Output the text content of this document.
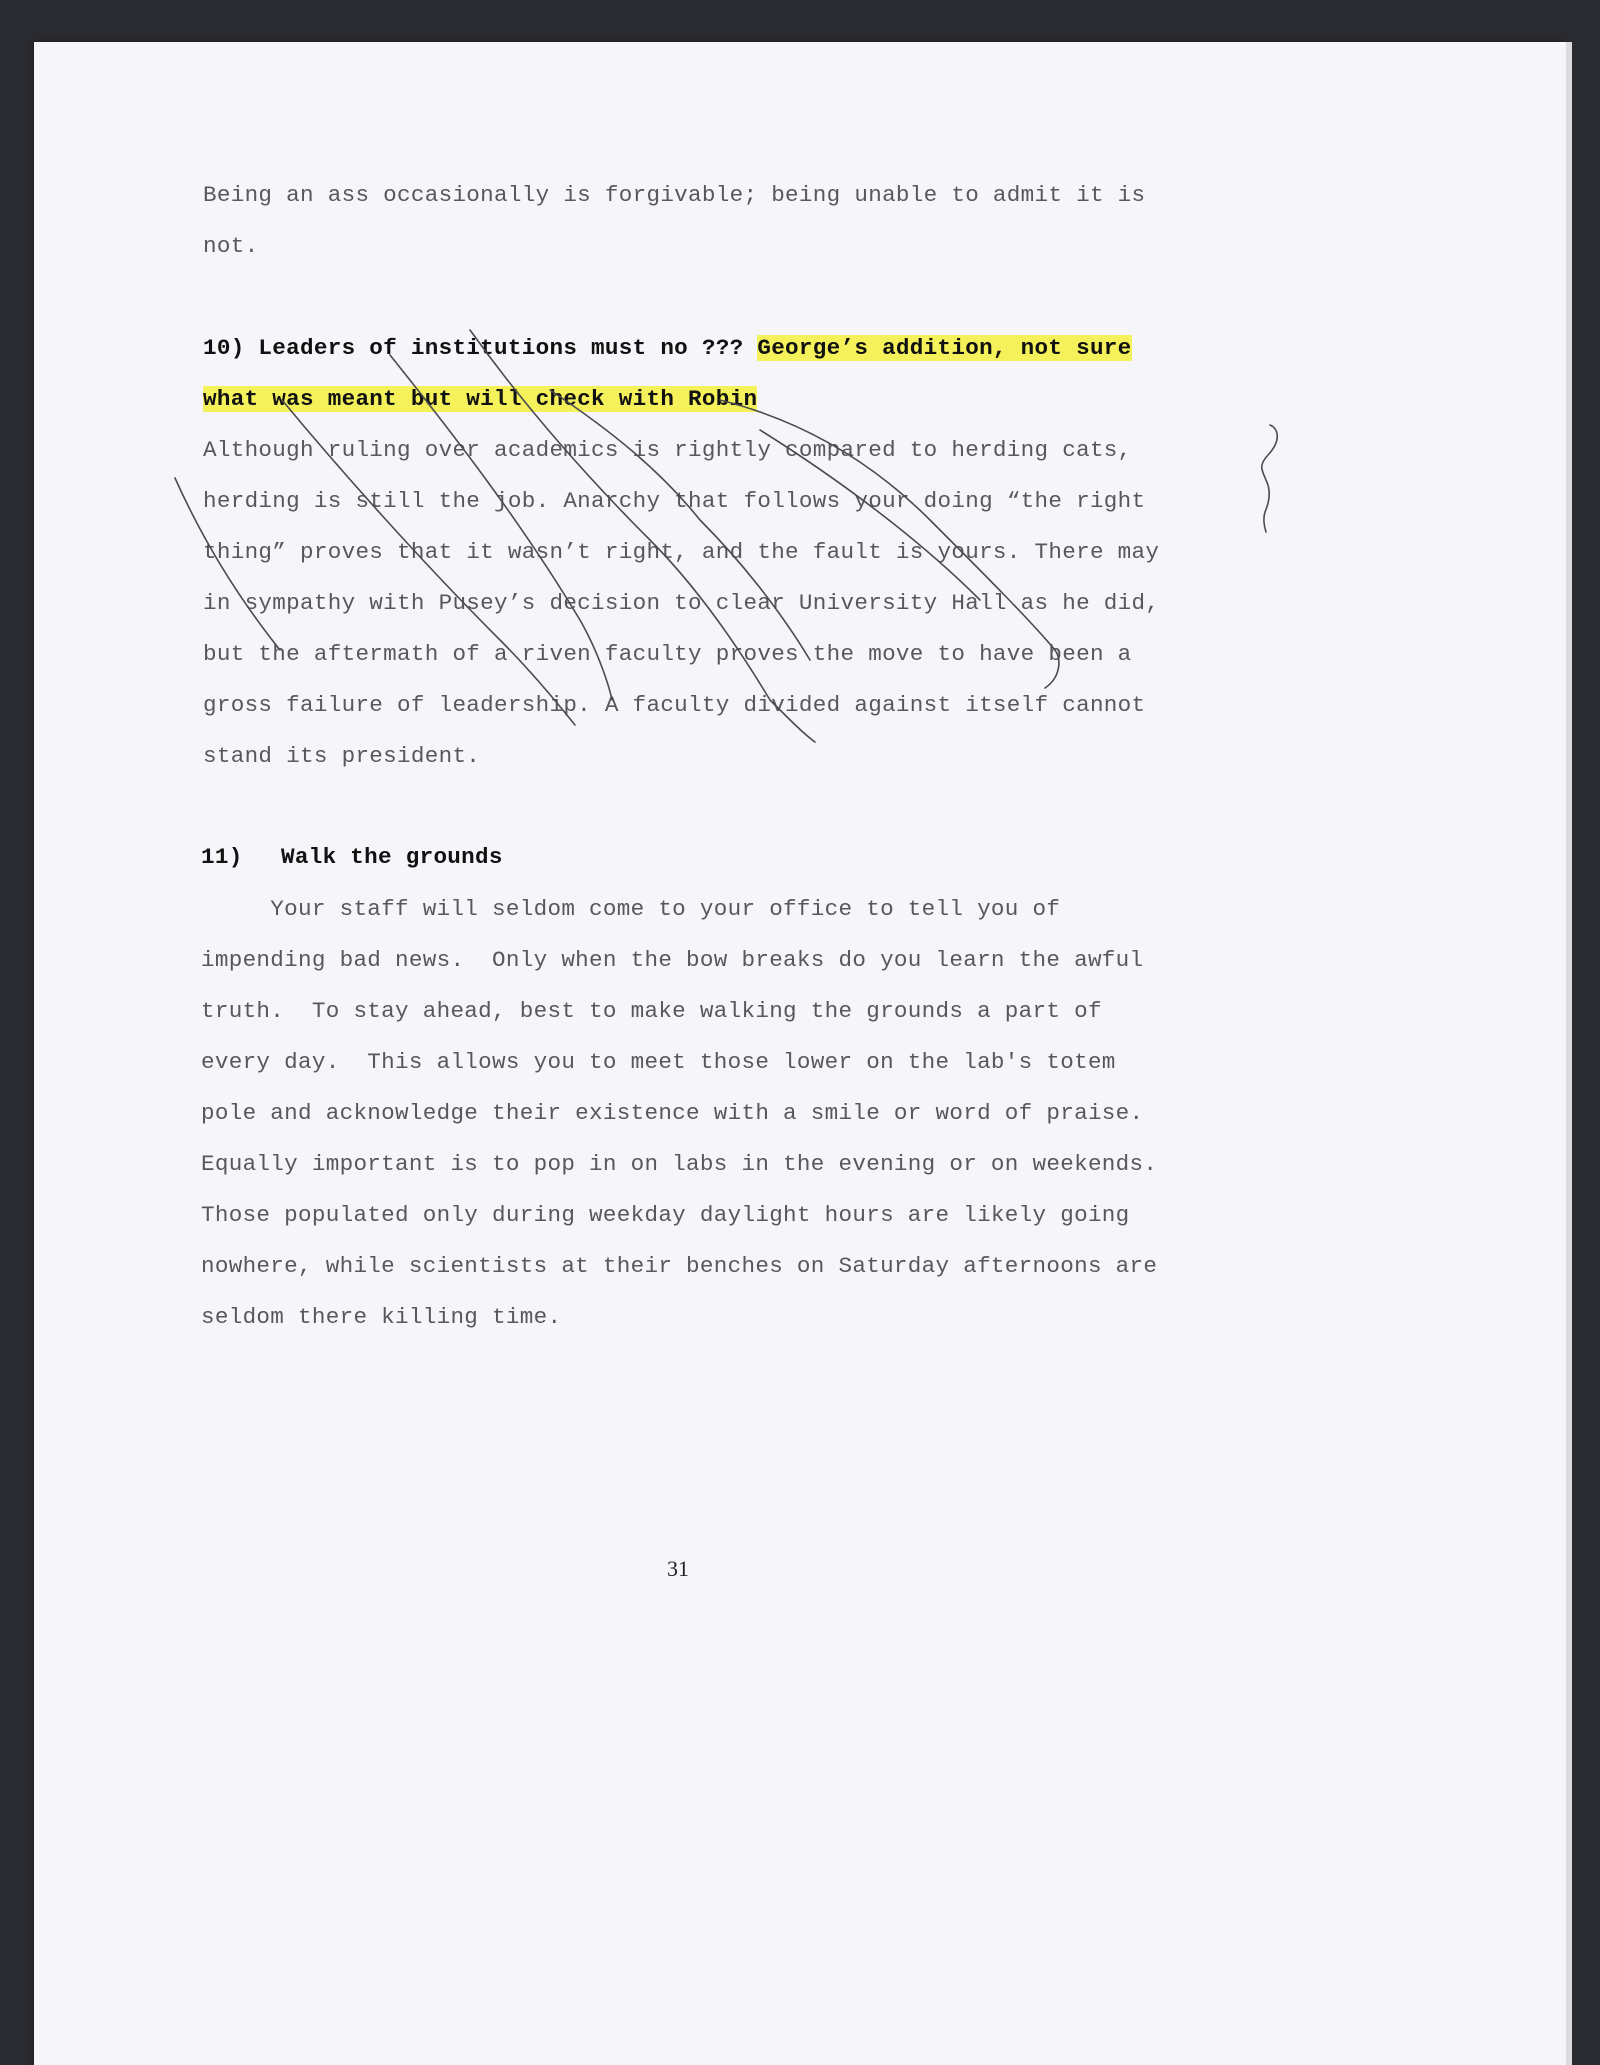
Being an ass occasionally is forgivable; being unable to admit it is
not.
10) Leaders of institutions must no ??? George’s addition, not sure
what was meant but will check with Robin
Although ruling over academics is rightly compared to herding cats,
herding is still the job. Anarchy that follows your doing “the right
thing” proves that it wasn’t right, and the fault is yours. There may
in sympathy with Pusey’s decision to clear University Hall as he did,
but the aftermath of a riven faculty proves the move to have been a
gross failure of leadership. A faculty divided against itself cannot
stand its president.
11) Walk the grounds
Your staff will seldom come to your office to tell you of
impending bad news.  Only when the bow breaks do you learn the awful
truth.  To stay ahead, best to make walking the grounds a part of
every day.  This allows you to meet those lower on the lab's totem
pole and acknowledge their existence with a smile or word of praise.
Equally important is to pop in on labs in the evening or on weekends.
Those populated only during weekday daylight hours are likely going
nowhere, while scientists at their benches on Saturday afternoons are
seldom there killing time.
31
